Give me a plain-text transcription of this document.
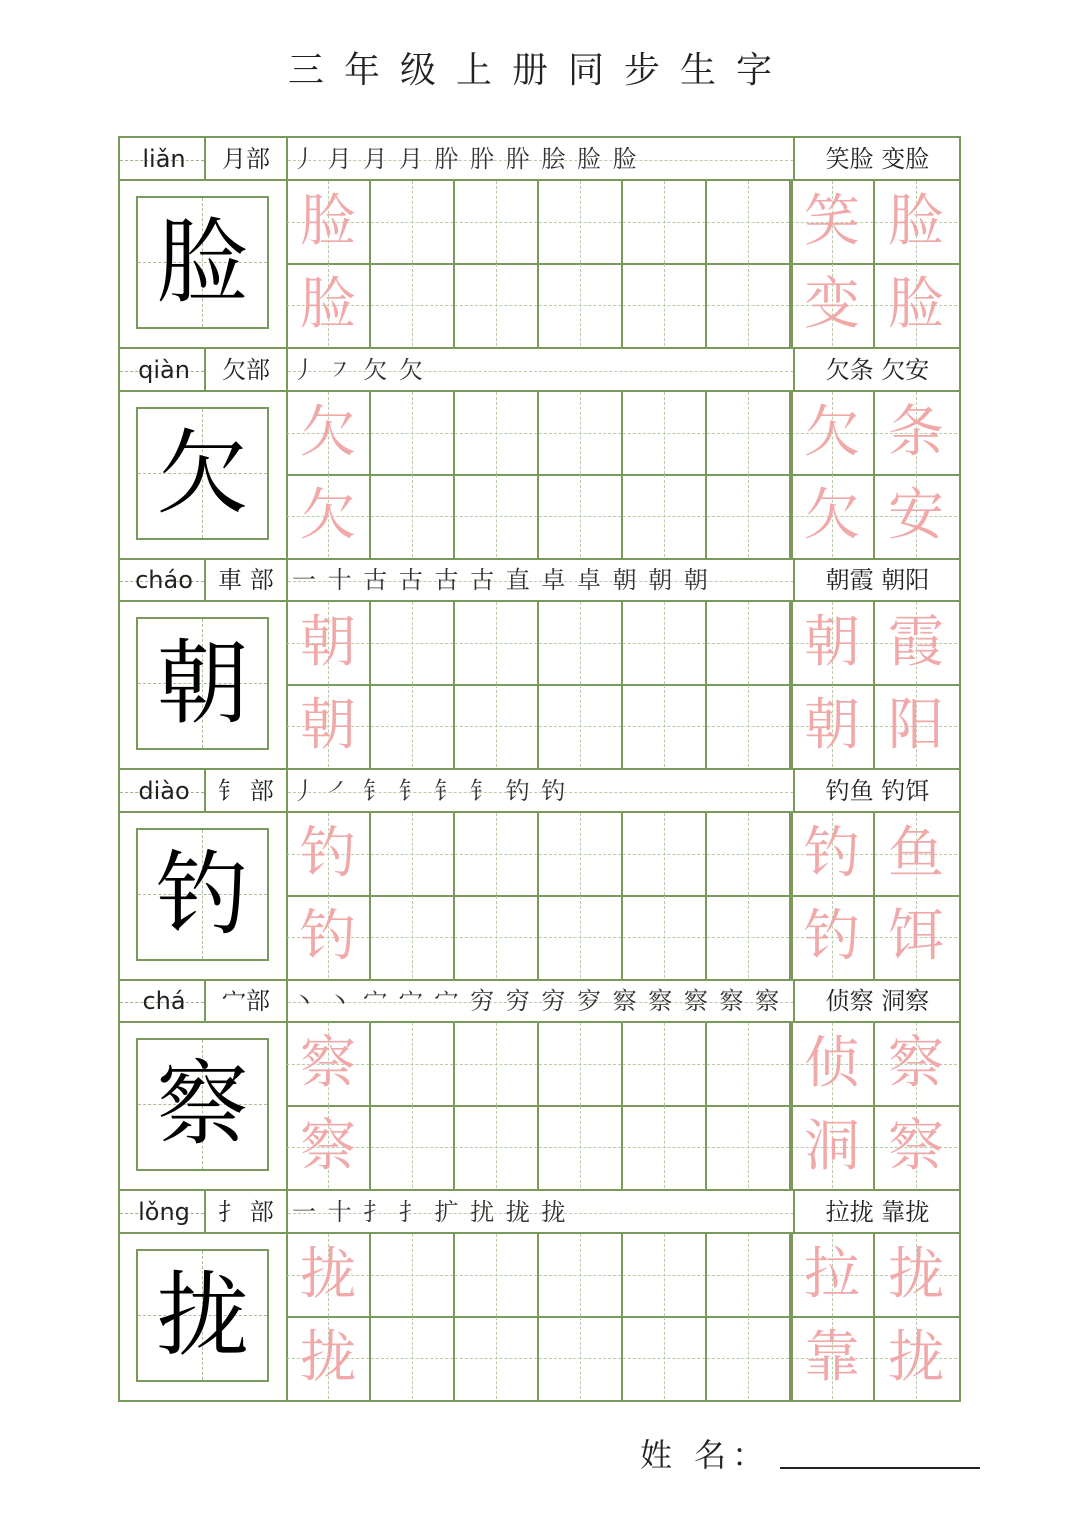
三年级上册同步生字
liǎn	月部 丿 月 月 月 肸 肸 肸 脍 脸 脸	笑脸 变脸
脸 脸	笑 脸
脸	变 脸
qiàn	欠部 丿 ㇇ 欠 欠	欠条 欠安
欠 欠	欠 条
欠	欠 安
cháo	車 部 一 十 古 古 古 古 直 卓 卓 朝 朝 朝	朝霞 朝阳
朝 朝	朝 霞
朝	朝 阳
diào	钅 部 丿 ㇒ 钅 钅 钅 钅 钓 钓	钓鱼 钓饵
钓 钓	钓 鱼
钓	钓 饵
chá	宀部 丶 丶 宀 宀 宀 穷 穷 穷 穸 察 察 察 察 察	侦察 洞察
察 察	侦 察
察	洞 察
lǒng	扌 部 一 十 扌 扌 扩 扰 拢 拢	拉拢 靠拢
拢 拢	拉 拢
拢	靠 拢
姓 名：
